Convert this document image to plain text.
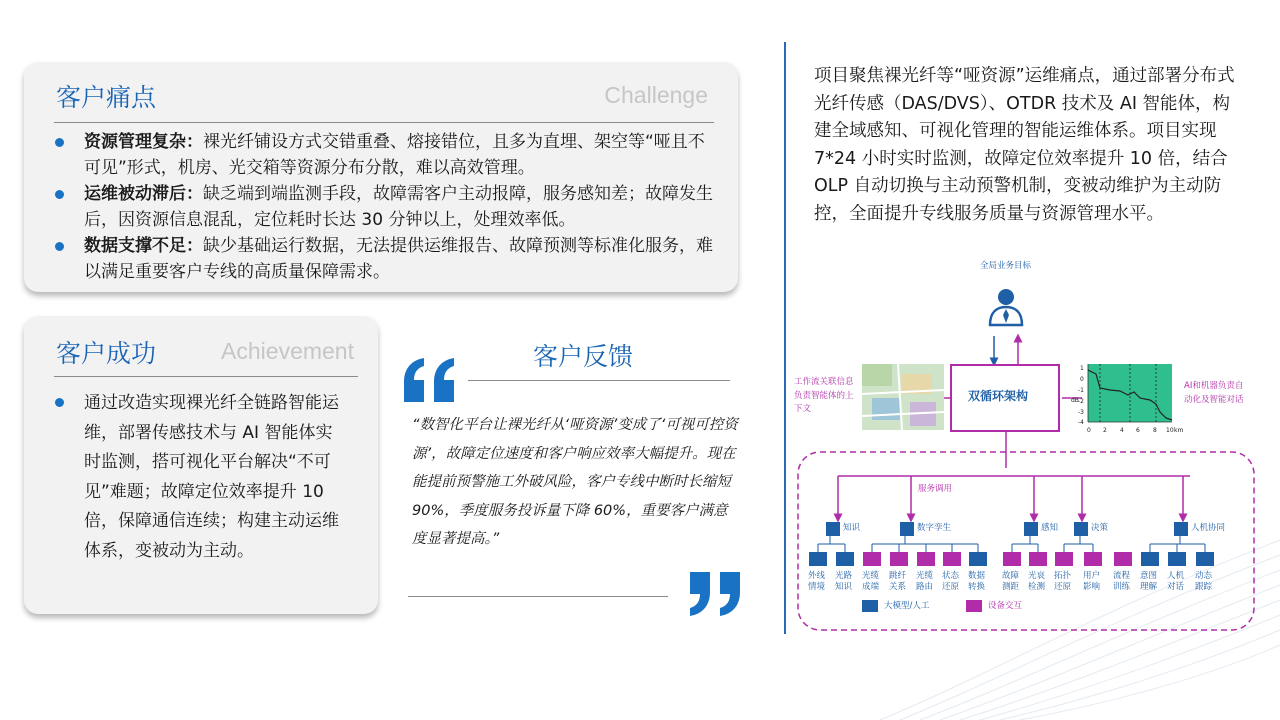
客户痛点	Challenge
资源管理复杂：裸光纤铺设方式交错重叠、熔接错位，且多为直埋、架空等“哑且不可见”形式，机房、光交箱等资源分布分散，难以高效管理。
运维被动滞后：缺乏端到端监测手段，故障需客户主动报障，服务感知差；故障发生后，因资源信息混乱，定位耗时长达 30 分钟以上，处理效率低。
数据支撑不足：缺少基础运行数据，无法提供运维报告、故障预测等标准化服务，难以满足重要客户专线的高质量保障需求。
客户成功	Achievement
通过改造实现裸光纤全链路智能运维，部署传感技术与 AI 智能体实时监测，搭可视化平台解决“不可见”难题；故障定位效率提升 10 倍，保障通信连续；构建主动运维体系，变被动为主动。
客户反馈

“数智化平台让裸光纤从‘哑资源’变成了‘可视可控资源’，故障定位速度和客户响应效率大幅提升。现在能提前预警施工外破风险，客户专线中断时长缩短 90%，季度服务投诉量下降 60%，重要客户满意度显著提高。”

项目聚焦裸光纤等“哑资源”运维痛点，通过部署分布式光纤传感（DAS/DVS）、OTDR 技术及 AI 智能体，构建全域感知、可视化管理的智能运维体系。项目实现 7*24 小时实时监测，故障定位效率提升 10 倍，结合 OLP 自动切换与主动预警机制，变被动维护为主动防控，全面提升专线服务质量与资源管理水平。

全局业务目标
工作流关联信息负责智能体的上下文
双循环架构
1
0
-1
-2
-3
-4
0 2 4 6 8 10
dB
km
AI和机器负责自动化及智能对话
服务调用
知识	数字孪生	感知	决策	人机协同
外线情境
光路知识
光缆成端
跳纤关系
光缆路由
状态还原
数据转换
故障测距
光哀检测
拓扑还原
用户影响
流程训练
意图理解
人机对话
动态跟踪
大模型/人工	设备交互
